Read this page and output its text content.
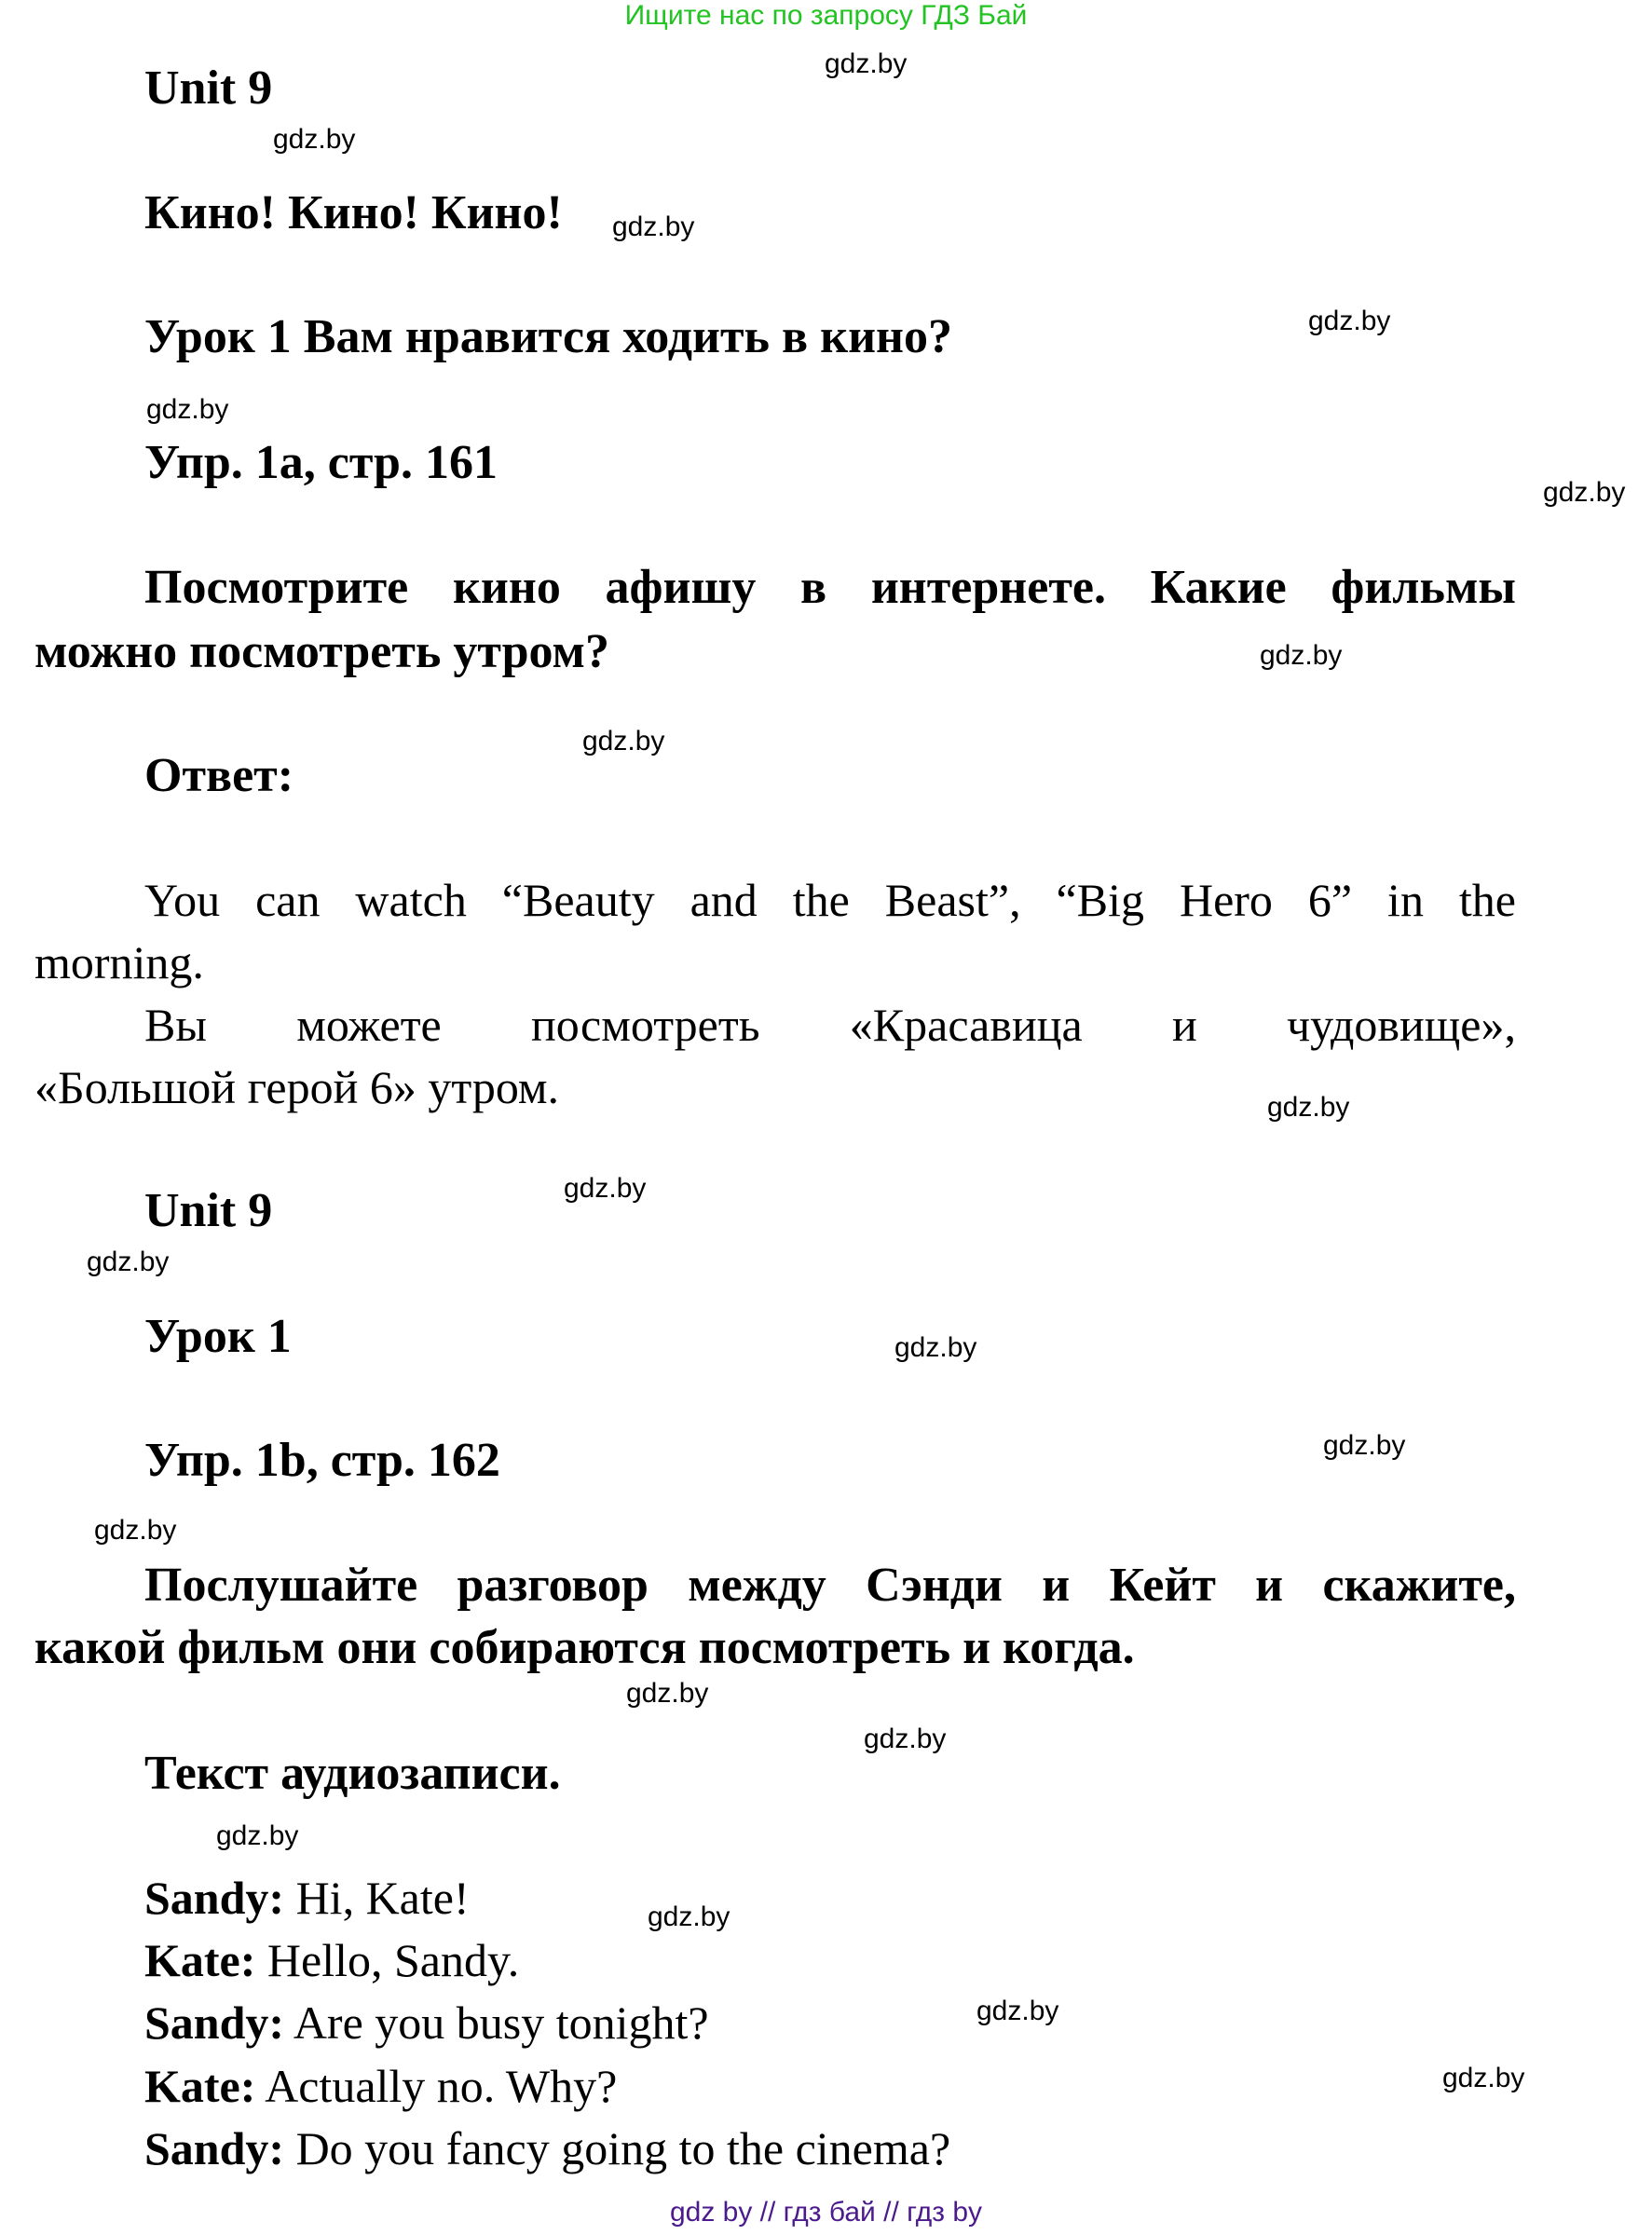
Ищите нас по запросу ГДЗ Бай
Unit 9
Кино! Кино! Кино!
Урок 1 Вам нравится ходить в кино?
Упр. 1a, стр. 161
Посмотрите кино афишу в интернете. Какие фильмы
можно посмотреть утром?
Ответ:
You can watch “Beauty and the Beast”, “Big Hero 6” in the
morning.
Вы можете посмотреть «Красавица и чудовище»,
«Большой герой 6» утром.
Unit 9
Урок 1
Упр. 1b, стр. 162
Послушайте разговор между Сэнди и Кейт и скажите,
какой фильм они собираются посмотреть и когда.
Текст аудиозаписи.
Sandy: Hi, Kate!
Kate: Hello, Sandy.
Sandy: Are you busy tonight?
Kate: Actually no. Why?
Sandy: Do you fancy going to the cinema?
gdz.by
gdz.by
gdz.by
gdz.by
gdz.by
gdz.by
gdz.by
gdz.by
gdz.by
gdz.by
gdz.by
gdz.by
gdz.by
gdz.by
gdz.by
gdz.by
gdz.by
gdz.by
gdz.by
gdz.by
gdz by // гдз бай // гдз by
